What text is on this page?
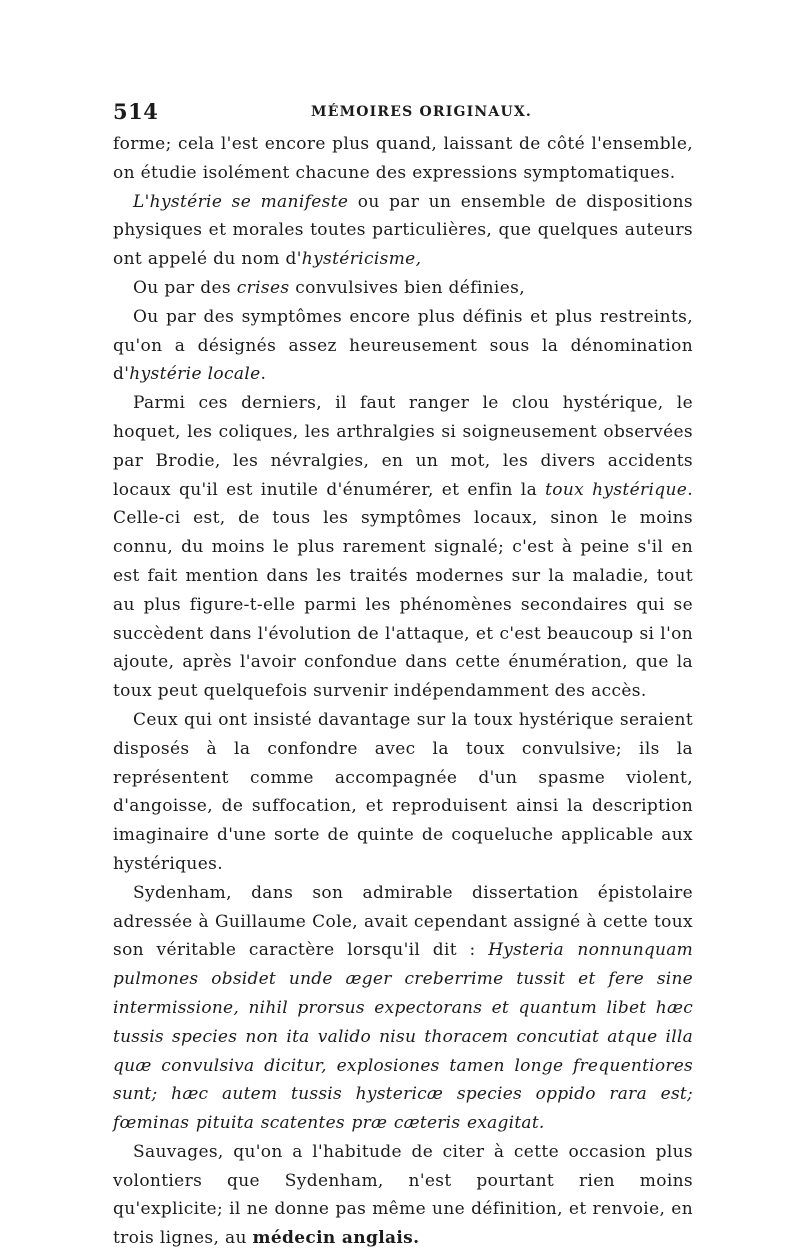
514	MÉMOIRES ORIGINAUX.

forme; cela l'est encore plus quand, laissant de côté l'ensemble, on étudie isolément chacune des expressions symptomatiques.

L'hystérie se manifeste ou par un ensemble de dispositions physiques et morales toutes particulières, que quelques auteurs ont appelé du nom d'hystéricisme,

Ou par des crises convulsives bien définies,

Ou par des symptômes encore plus définis et plus restreints, qu'on a désignés assez heureusement sous la dénomination d'hystérie locale.

Parmi ces derniers, il faut ranger le clou hystérique, le hoquet, les coliques, les arthralgies si soigneusement observées par Brodie, les névralgies, en un mot, les divers accidents locaux qu'il est inutile d'énumérer, et enfin la toux hystérique. Celle-ci est, de tous les symptômes locaux, sinon le moins connu, du moins le plus rarement signalé; c'est à peine s'il en est fait mention dans les traités modernes sur la maladie, tout au plus figure-t-elle parmi les phénomènes secondaires qui se succèdent dans l'évolution de l'attaque, et c'est beaucoup si l'on ajoute, après l'avoir confondue dans cette énumération, que la toux peut quelquefois survenir indépendamment des accès.

Ceux qui ont insisté davantage sur la toux hystérique seraient disposés à la confondre avec la toux convulsive; ils la représentent comme accompagnée d'un spasme violent, d'angoisse, de suffocation, et reproduisent ainsi la description imaginaire d'une sorte de quinte de coqueluche applicable aux hystériques.

Sydenham, dans son admirable dissertation épistolaire adressée à Guillaume Cole, avait cependant assigné à cette toux son véritable caractère lorsqu'il dit : Hysteria nonnunquam pulmones obsidet unde æger creberrime tussit et fere sine intermissione, nihil prorsus expectorans et quantum libet hæc tussis species non ita valido nisu thoracem concutiat atque illa quæ convulsiva dicitur, explosiones tamen longe frequentiores sunt; hæc autem tussis hystericæ species oppido rara est; fœminas pituita scatentes præ cæteris exagitat.

Sauvages, qu'on a l'habitude de citer à cette occasion plus volontiers que Sydenham, n'est pourtant rien moins qu'explicite; il ne donne pas même une définition, et renvoie, en trois lignes, au médecin anglais.
